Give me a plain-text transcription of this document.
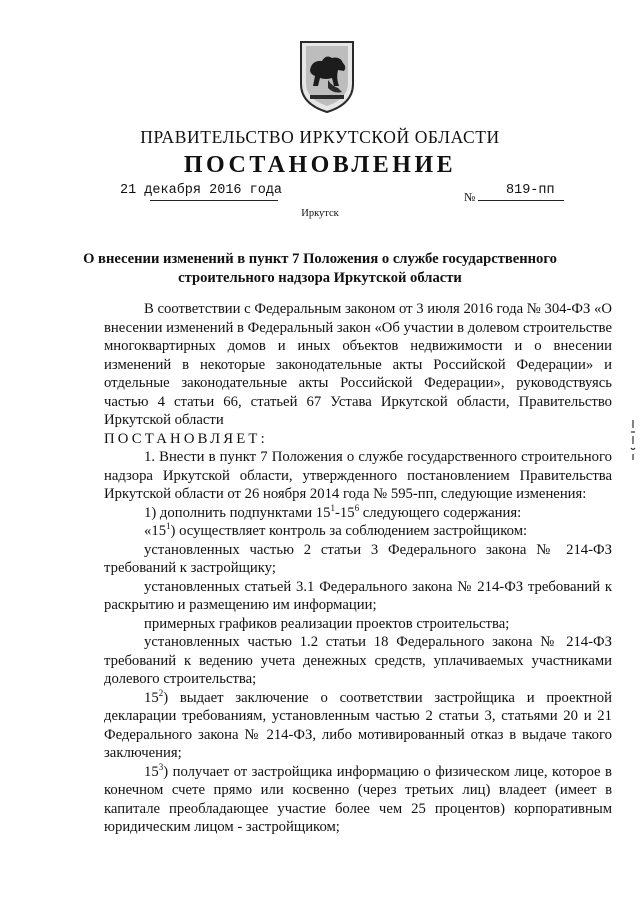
ПРАВИТЕЛЬСТВО ИРКУТСКОЙ ОБЛАСТИ
ПОСТАНОВЛЕНИЕ
21 декабря 2016 года	№ 819-пп
Иркутск
О внесении изменений в пункт 7 Положения о службе государственного строительного надзора Иркутской области

В соответствии с Федеральным законом от 3 июля 2016 года № 304-ФЗ «О внесении изменений в Федеральный закон «Об участии в долевом строительстве многоквартирных домов и иных объектов недвижимости и о внесении изменений в некоторые законодательные акты Российской Федерации» и отдельные законодательные акты Российской Федерации», руководствуясь частью 4 статьи 66, статьей 67 Устава Иркутской области, Правительство Иркутской области

ПОСТАНОВЛЯЕТ:

1. Внести в пункт 7 Положения о службе государственного строительного надзора Иркутской области, утвержденного постановлением Правительства Иркутской области от 26 ноября 2014 года № 595-пп, следующие изменения:

1) дополнить подпунктами $15^1-15^6$ следующего содержания:

«$15^1$) осуществляет контроль за соблюдением застройщиком:

установленных частью 2 статьи 3 Федерального закона № 214-ФЗ требований к застройщику;

установленных статьей 3.1 Федерального закона № 214-ФЗ требований к раскрытию и размещению им информации;

примерных графиков реализации проектов строительства;

установленных частью 1.2 статьи 18 Федерального закона № 214-ФЗ требований к ведению учета денежных средств, уплачиваемых участниками долевого строительства;

$15^2$) выдает заключение о соответствии застройщика и проектной декларации требованиям, установленным частью 2 статьи 3, статьями 20 и 21 Федерального закона № 214-ФЗ, либо мотивированный отказ в выдаче такого заключения;

$15^3$) получает от застройщика информацию о физическом лице, которое в конечном счете прямо или косвенно (через третьих лиц) владеет (имеет в капитале преобладающее участие более чем 25 процентов) корпоративным юридическим лицом - застройщиком;
